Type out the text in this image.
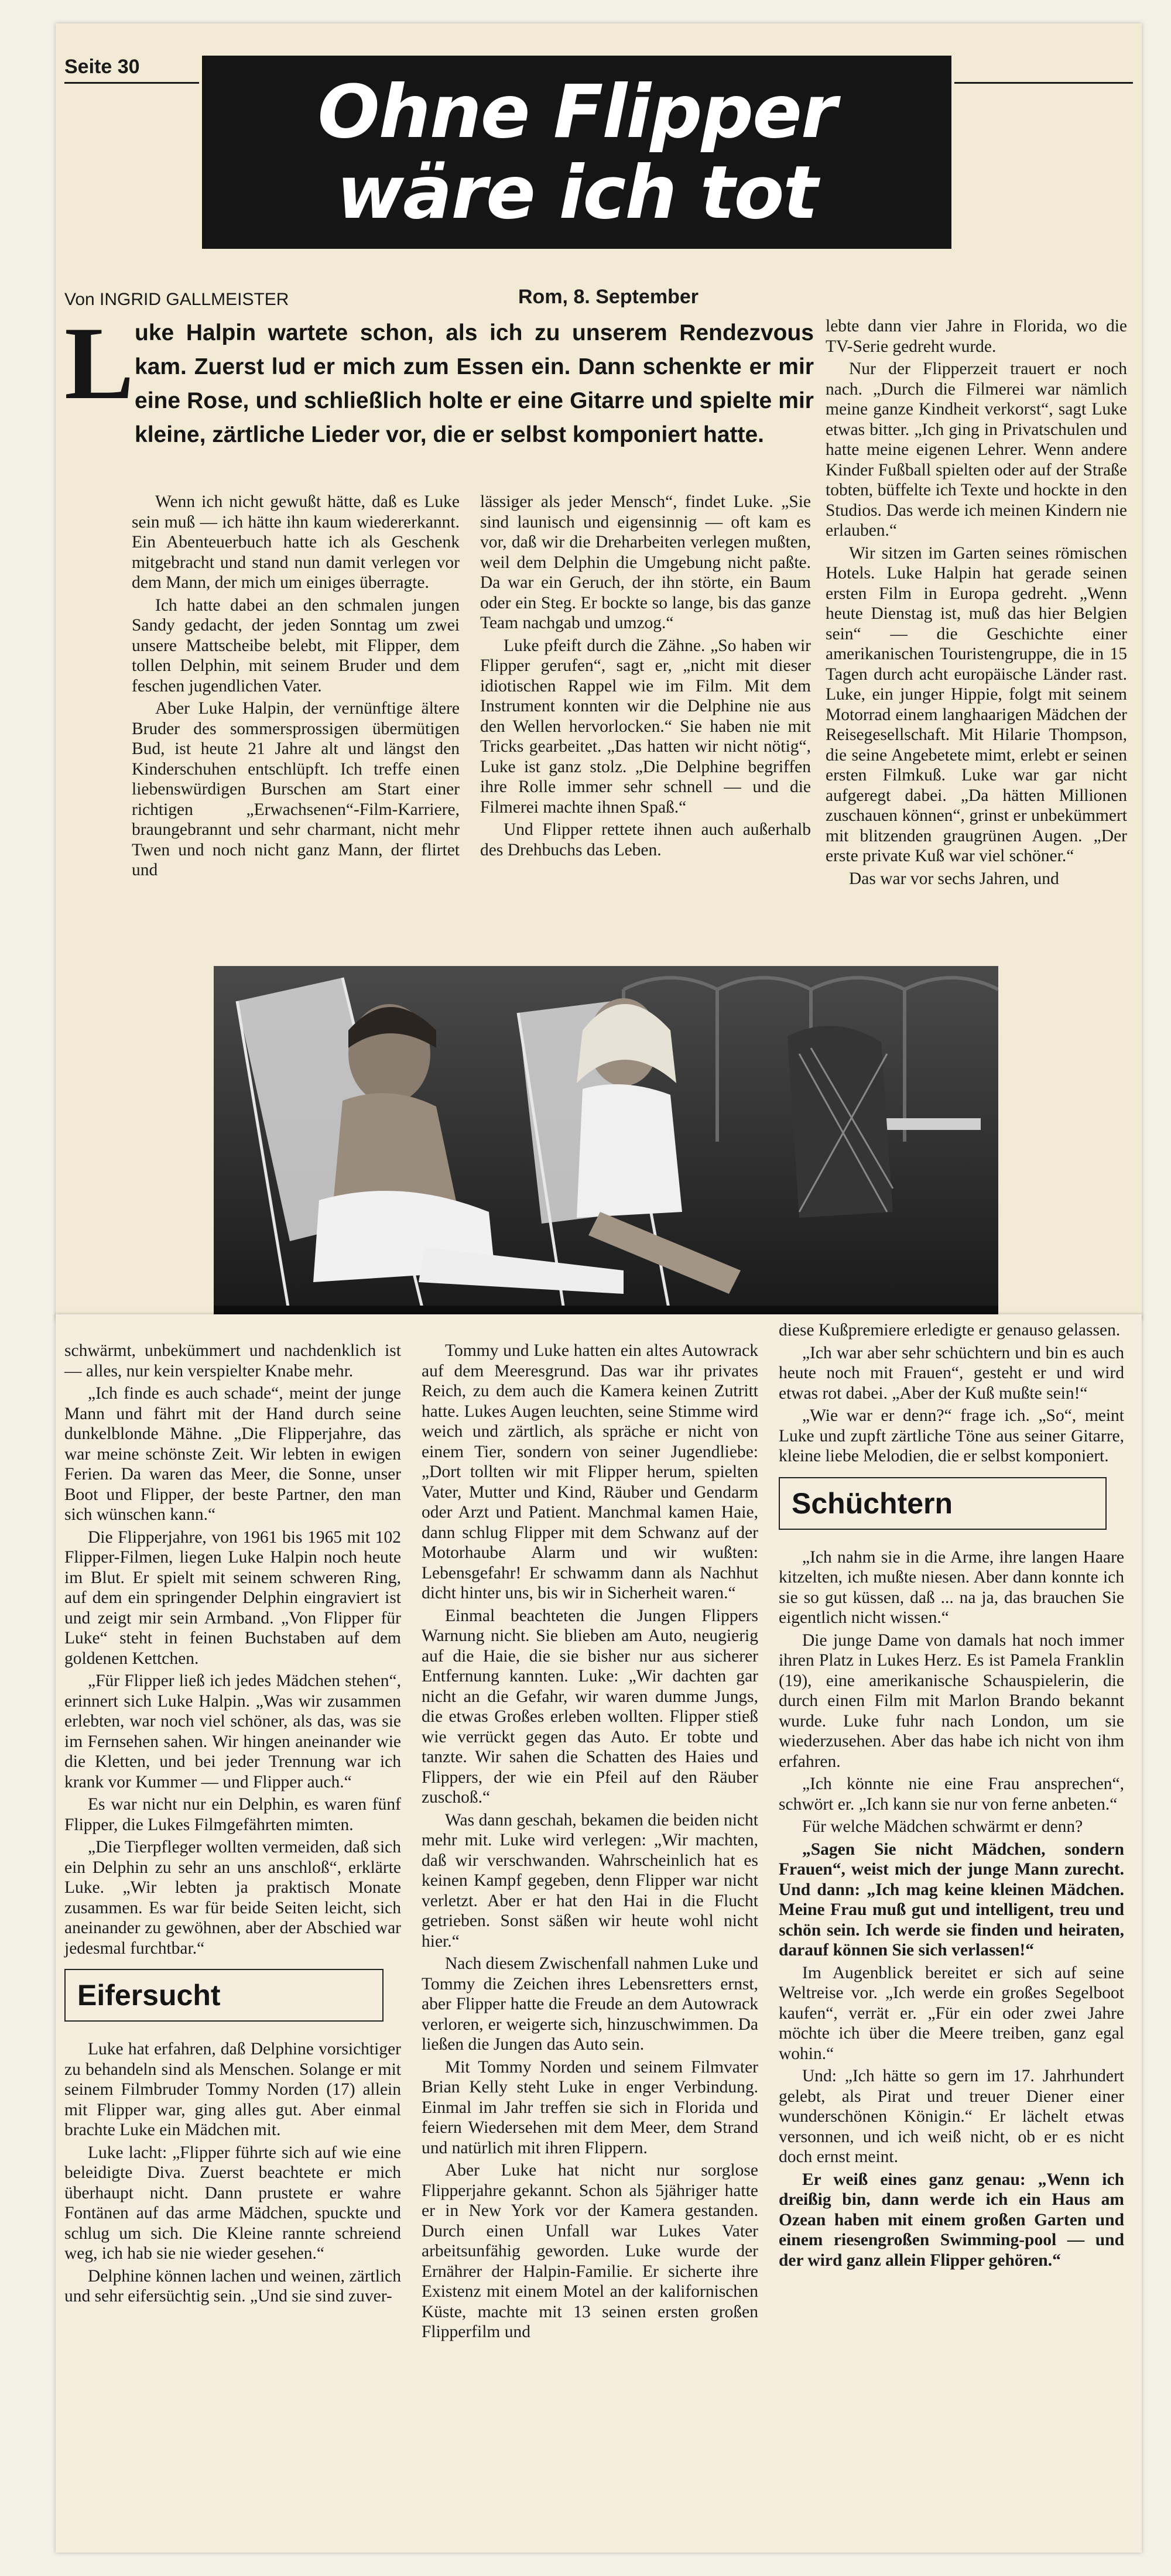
Seite 30
Ohne Flipper
wäre ich tot
Von INGRID GALLMEISTER	Rom, 8. September
L uke Halpin wartete schon, als ich zu unserem Rendezvous kam. Zuerst lud er mich zum Essen ein. Dann schenkte er mir eine Rose, und schließlich holte er eine Gitarre und spielte mir kleine, zärtliche Lieder vor, die er selbst komponiert hatte.

Wenn ich nicht gewußt hätte, daß es Luke sein muß — ich hätte ihn kaum wiedererkannt. Ein Abenteuerbuch hatte ich als Geschenk mitgebracht und stand nun damit verlegen vor dem Mann, der mich um einiges überragte.

Ich hatte dabei an den schmalen jungen Sandy gedacht, der jeden Sonntag um zwei unsere Mattscheibe belebt, mit Flipper, dem tollen Delphin, mit seinem Bruder und dem feschen jugendlichen Vater.

Aber Luke Halpin, der vernünftige ältere Bruder des sommersprossigen übermütigen Bud, ist heute 21 Jahre alt und längst den Kinderschuhen entschlüpft. Ich treffe einen liebenswürdigen Burschen am Start einer richtigen „Erwachsenen“-Film-Karriere, braungebrannt und sehr charmant, nicht mehr Twen und noch nicht ganz Mann, der flirtet und

lässiger als jeder Mensch“, findet Luke. „Sie sind launisch und eigensinnig — oft kam es vor, daß wir die Dreharbeiten verlegen mußten, weil dem Delphin die Umgebung nicht paßte. Da war ein Geruch, der ihn störte, ein Baum oder ein Steg. Er bockte so lange, bis das ganze Team nachgab und umzog.“

Luke pfeift durch die Zähne. „So haben wir Flipper gerufen“, sagt er, „nicht mit dieser idiotischen Rappel wie im Film. Mit dem Instrument konnten wir die Delphine nie aus den Wellen hervorlocken.“ Sie haben nie mit Tricks gearbeitet. „Das hatten wir nicht nötig“, Luke ist ganz stolz. „Die Delphine begriffen ihre Rolle immer sehr schnell — und die Filmerei machte ihnen Spaß.“

Und Flipper rettete ihnen auch außerhalb des Drehbuchs das Leben.

lebte dann vier Jahre in Florida, wo die TV-Serie gedreht wurde.

Nur der Flipperzeit trauert er noch nach. „Durch die Filmerei war nämlich meine ganze Kindheit verkorst“, sagt Luke etwas bitter. „Ich ging in Privatschulen und hatte meine eigenen Lehrer. Wenn andere Kinder Fußball spielten oder auf der Straße tobten, büffelte ich Texte und hockte in den Studios. Das werde ich meinen Kindern nie erlauben.“

Wir sitzen im Garten seines römischen Hotels. Luke Halpin hat gerade seinen ersten Film in Europa gedreht. „Wenn heute Dienstag ist, muß das hier Belgien sein“ — die Geschichte einer amerikanischen Touristengruppe, die in 15 Tagen durch acht europäische Länder rast. Luke, ein junger Hippie, folgt mit seinem Motorrad einem langhaarigen Mädchen der Reisegesellschaft. Mit Hilarie Thompson, die seine Angebetete mimt, erlebt er seinen ersten Filmkuß. Luke war gar nicht aufgeregt dabei. „Da hätten Millionen zuschauen können“, grinst er unbekümmert mit blitzenden graugrünen Augen. „Der erste private Kuß war viel schöner.“

Das war vor sechs Jahren, und

schwärmt, unbekümmert und nachdenklich ist — alles, nur kein verspielter Knabe mehr.

„Ich finde es auch schade“, meint der junge Mann und fährt mit der Hand durch seine dunkelblonde Mähne. „Die Flipperjahre, das war meine schönste Zeit. Wir lebten in ewigen Ferien. Da waren das Meer, die Sonne, unser Boot und Flipper, der beste Partner, den man sich wünschen kann.“

Die Flipperjahre, von 1961 bis 1965 mit 102 Flipper-Filmen, liegen Luke Halpin noch heute im Blut. Er spielt mit seinem schweren Ring, auf dem ein springender Delphin eingraviert ist und zeigt mir sein Armband. „Von Flipper für Luke“ steht in feinen Buchstaben auf dem goldenen Kettchen.

„Für Flipper ließ ich jedes Mädchen stehen“, erinnert sich Luke Halpin. „Was wir zusammen erlebten, war noch viel schöner, als das, was sie im Fernsehen sahen. Wir hingen aneinander wie die Kletten, und bei jeder Trennung war ich krank vor Kummer — und Flipper auch.“

Es war nicht nur ein Delphin, es waren fünf Flipper, die Lukes Filmgefährten mimten.

„Die Tierpfleger wollten vermeiden, daß sich ein Delphin zu sehr an uns anschloß“, erklärte Luke. „Wir lebten ja praktisch Monate zusammen. Es war für beide Seiten leicht, sich aneinander zu gewöhnen, aber der Abschied war jedesmal furchtbar.“

Eifersucht

Luke hat erfahren, daß Delphine vorsichtiger zu behandeln sind als Menschen. Solange er mit seinem Filmbruder Tommy Norden (17) allein mit Flipper war, ging alles gut. Aber einmal brachte Luke ein Mädchen mit.

Luke lacht: „Flipper führte sich auf wie eine beleidigte Diva. Zuerst beachtete er mich überhaupt nicht. Dann prustete er wahre Fontänen auf das arme Mädchen, spuckte und schlug um sich. Die Kleine rannte schreiend weg, ich hab sie nie wieder gesehen.“

Delphine können lachen und weinen, zärtlich und sehr eifersüchtig sein. „Und sie sind zuver-

Tommy und Luke hatten ein altes Autowrack auf dem Meeresgrund. Das war ihr privates Reich, zu dem auch die Kamera keinen Zutritt hatte. Lukes Augen leuchten, seine Stimme wird weich und zärtlich, als spräche er nicht von einem Tier, sondern von seiner Jugendliebe: „Dort tollten wir mit Flipper herum, spielten Vater, Mutter und Kind, Räuber und Gendarm oder Arzt und Patient. Manchmal kamen Haie, dann schlug Flipper mit dem Schwanz auf der Motorhaube Alarm und wir wußten: Lebensgefahr! Er schwamm dann als Nachhut dicht hinter uns, bis wir in Sicherheit waren.“

Einmal beachteten die Jungen Flippers Warnung nicht. Sie blieben am Auto, neugierig auf die Haie, die sie bisher nur aus sicherer Entfernung kannten. Luke: „Wir dachten gar nicht an die Gefahr, wir waren dumme Jungs, die etwas Großes erleben wollten. Flipper stieß wie verrückt gegen das Auto. Er tobte und tanzte. Wir sahen die Schatten des Haies und Flippers, der wie ein Pfeil auf den Räuber zuschoß.“

Was dann geschah, bekamen die beiden nicht mehr mit. Luke wird verlegen: „Wir machten, daß wir verschwanden. Wahrscheinlich hat es keinen Kampf gegeben, denn Flipper war nicht verletzt. Aber er hat den Hai in die Flucht getrieben. Sonst säßen wir heute wohl nicht hier.“

Nach diesem Zwischenfall nahmen Luke und Tommy die Zeichen ihres Lebensretters ernst, aber Flipper hatte die Freude an dem Autowrack verloren, er weigerte sich, hinzuschwimmen. Da ließen die Jungen das Auto sein.

Mit Tommy Norden und seinem Filmvater Brian Kelly steht Luke in enger Verbindung. Einmal im Jahr treffen sie sich in Florida und feiern Wiedersehen mit dem Meer, dem Strand und natürlich mit ihren Flippern.

Aber Luke hat nicht nur sorglose Flipperjahre gekannt. Schon als 5jähriger hatte er in New York vor der Kamera gestanden. Durch einen Unfall war Lukes Vater arbeitsunfähig geworden. Luke wurde der Ernährer der Halpin-Familie. Er sicherte ihre Existenz mit einem Motel an der kalifornischen Küste, machte mit 13 seinen ersten großen Flipperfilm und

diese Kußpremiere erledigte er genauso gelassen.

„Ich war aber sehr schüchtern und bin es auch heute noch mit Frauen“, gesteht er und wird etwas rot dabei. „Aber der Kuß mußte sein!“

„Wie war er denn?“ frage ich. „So“, meint Luke und zupft zärtliche Töne aus seiner Gitarre, kleine liebe Melodien, die er selbst komponiert.

Schüchtern

„Ich nahm sie in die Arme, ihre langen Haare kitzelten, ich mußte niesen. Aber dann konnte ich sie so gut küssen, daß ... na ja, das brauchen Sie eigentlich nicht wissen.“

Die junge Dame von damals hat noch immer ihren Platz in Lukes Herz. Es ist Pamela Franklin (19), eine amerikanische Schauspielerin, die durch einen Film mit Marlon Brando bekannt wurde. Luke fuhr nach London, um sie wiederzusehen. Aber das habe ich nicht von ihm erfahren.

„Ich könnte nie eine Frau ansprechen“, schwört er. „Ich kann sie nur von ferne anbeten.“

Für welche Mädchen schwärmt er denn?

„Sagen Sie nicht Mädchen, sondern Frauen“, weist mich der junge Mann zurecht. Und dann: „Ich mag keine kleinen Mädchen. Meine Frau muß gut und intelligent, treu und schön sein. Ich werde sie finden und heiraten, darauf können Sie sich verlassen!“

Im Augenblick bereitet er sich auf seine Weltreise vor. „Ich werde ein großes Segelboot kaufen“, verrät er. „Für ein oder zwei Jahre möchte ich über die Meere treiben, ganz egal wohin.“

Und: „Ich hätte so gern im 17. Jahrhundert gelebt, als Pirat und treuer Diener einer wunderschönen Königin.“ Er lächelt etwas versonnen, und ich weiß nicht, ob er es nicht doch ernst meint.

Er weiß eines ganz genau: „Wenn ich dreißig bin, dann werde ich ein Haus am Ozean haben mit einem großen Garten und einem riesengroßen Swimming-pool — und der wird ganz allein Flipper gehören.“
